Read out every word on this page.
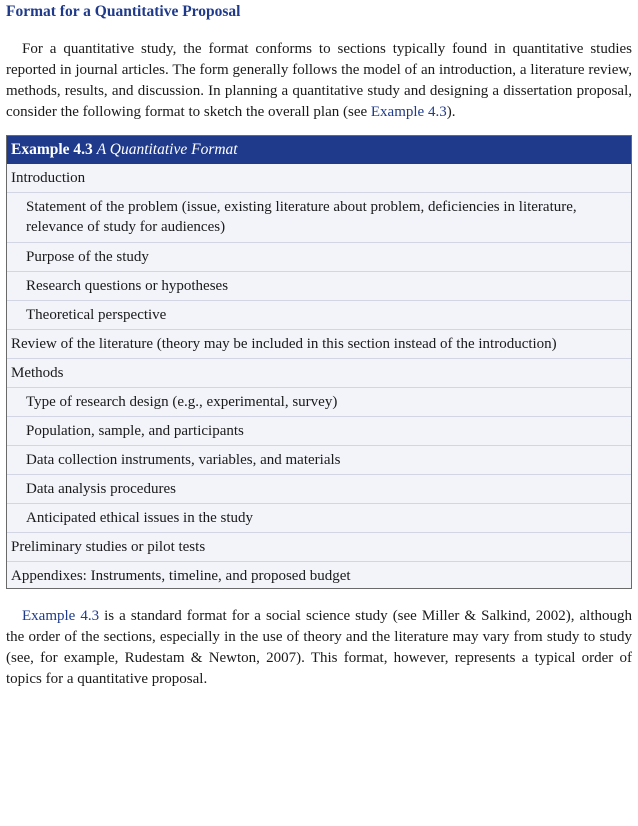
Format for a Quantitative Proposal

For a quantitative study, the format conforms to sections typically found in quantitative studies reported in journal articles. The form generally follows the model of an introduction, a literature review, methods, results, and discussion. In planning a quantitative study and designing a dissertation proposal, consider the following format to sketch the overall plan (see Example 4.3).

Example 4.3 A Quantitative Format
Introduction
Statement of the problem (issue, existing literature about problem, deficiencies in literature, relevance of study for audiences)
Purpose of the study
Research questions or hypotheses
Theoretical perspective
Review of the literature (theory may be included in this section instead of the introduction)
Methods
Type of research design (e.g., experimental, survey)
Population, sample, and participants
Data collection instruments, variables, and materials
Data analysis procedures
Anticipated ethical issues in the study
Preliminary studies or pilot tests
Appendixes: Instruments, timeline, and proposed budget

Example 4.3 is a standard format for a social science study (see Miller & Salkind, 2002), although the order of the sections, especially in the use of theory and the literature may vary from study to study (see, for example, Rudestam & Newton, 2007). This format, however, represents a typical order of topics for a quantitative proposal.
